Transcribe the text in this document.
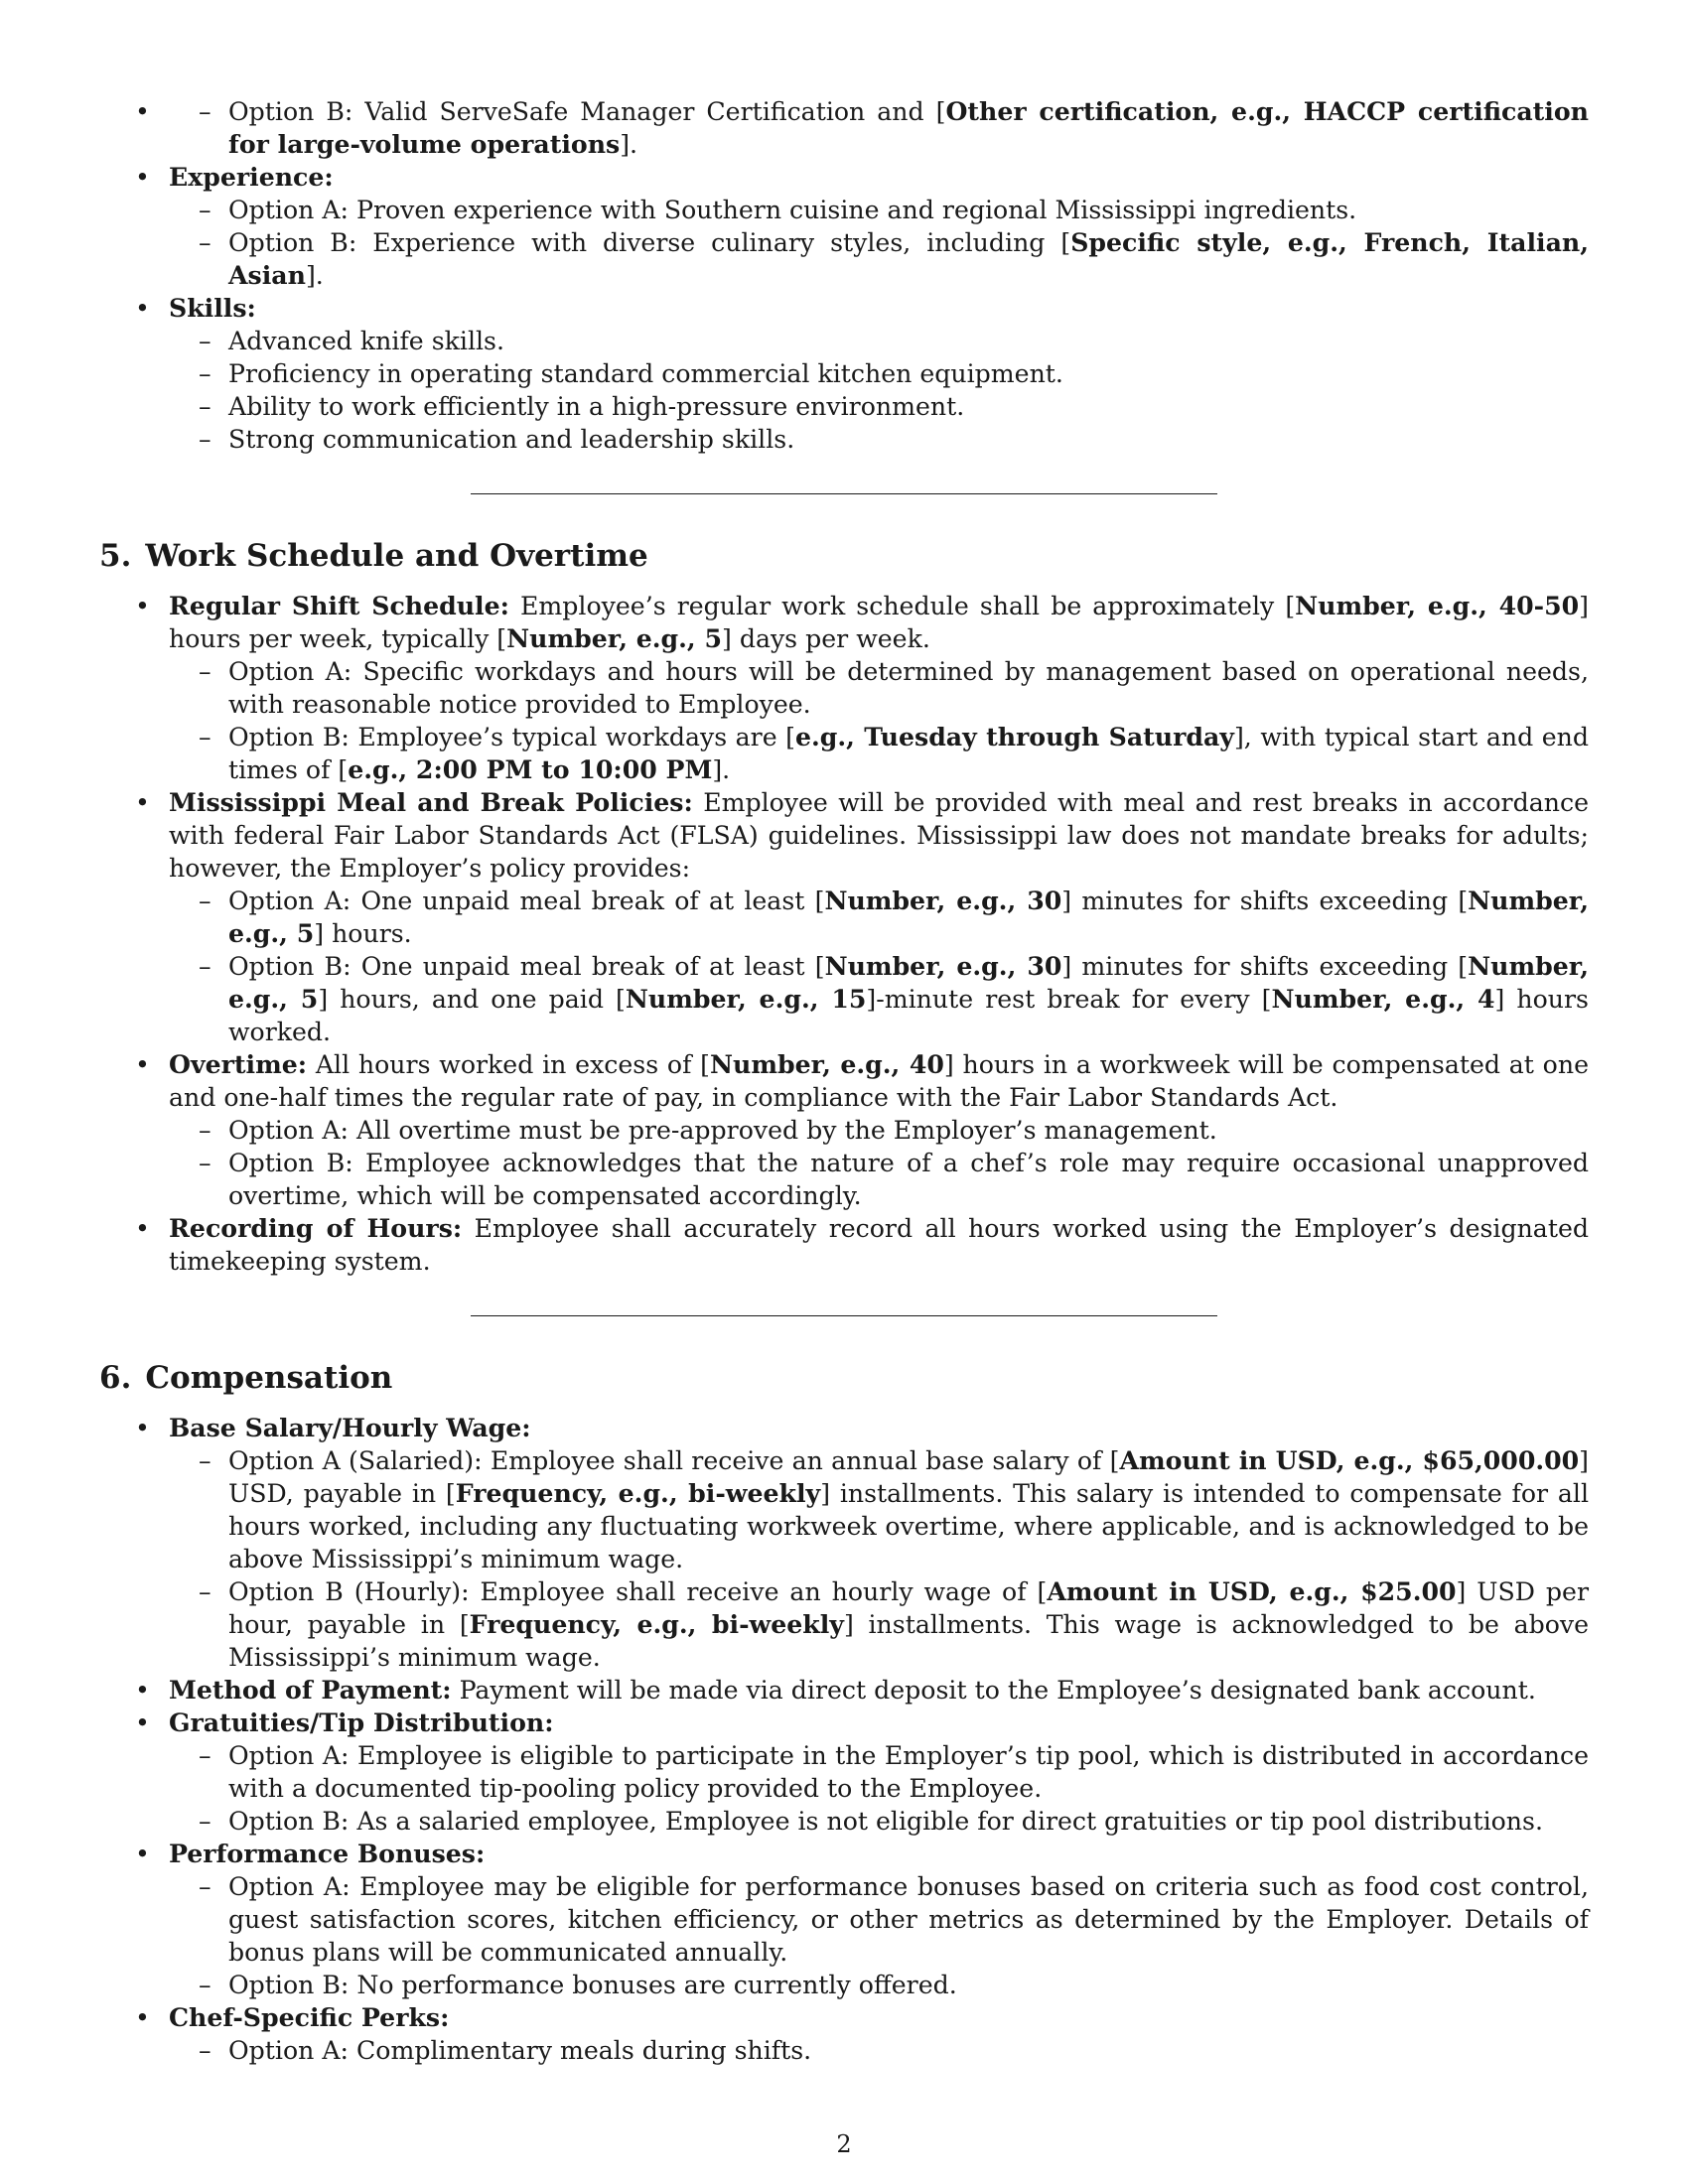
– • Option B: Valid ServeSafe Manager Certification and [Other certification, e.g., HACCP certification for large-volume operations].
• Experience:
– Option A: Proven experience with Southern cuisine and regional Mississippi ingredients.
– Option B: Experience with diverse culinary styles, including [Specific style, e.g., French, Italian, Asian].
• Skills:
– Advanced knife skills.
– Proficiency in operating standard commercial kitchen equipment.
– Ability to work efficiently in a high-pressure environment.
– Strong communication and leadership skills.
5. Work Schedule and Overtime
• Regular Shift Schedule: Employee’s regular work schedule shall be approximately [Number, e.g., 40-50] hours per week, typically [Number, e.g., 5] days per week.
– Option A: Specific workdays and hours will be determined by management based on operational needs, with reasonable notice provided to Employee.
– Option B: Employee’s typical workdays are [e.g., Tuesday through Saturday], with typical start and end times of [e.g., 2:00 PM to 10:00 PM].
• Mississippi Meal and Break Policies: Employee will be provided with meal and rest breaks in accordance with federal Fair Labor Standards Act (FLSA) guidelines. Mississippi law does not mandate breaks for adults; however, the Employer’s policy provides:
– Option A: One unpaid meal break of at least [Number, e.g., 30] minutes for shifts exceeding [Number, e.g., 5] hours.
– Option B: One unpaid meal break of at least [Number, e.g., 30] minutes for shifts exceeding [Number, e.g., 5] hours, and one paid [Number, e.g., 15]-minute rest break for every [Number, e.g., 4] hours worked.
• Overtime: All hours worked in excess of [Number, e.g., 40] hours in a workweek will be compensated at one and one-half times the regular rate of pay, in compliance with the Fair Labor Standards Act.
– Option A: All overtime must be pre-approved by the Employer’s management.
– Option B: Employee acknowledges that the nature of a chef’s role may require occasional unapproved overtime, which will be compensated accordingly.
• Recording of Hours: Employee shall accurately record all hours worked using the Employer’s designated timekeeping system.
6. Compensation
• Base Salary/Hourly Wage:
– Option A (Salaried): Employee shall receive an annual base salary of [Amount in USD, e.g., $65,000.00] USD, payable in [Frequency, e.g., bi-weekly] installments. This salary is intended to compensate for all hours worked, including any fluctuating workweek overtime, where applicable, and is acknowledged to be above Mississippi’s minimum wage.
– Option B (Hourly): Employee shall receive an hourly wage of [Amount in USD, e.g., $25.00] USD per hour, payable in [Frequency, e.g., bi-weekly] installments. This wage is acknowledged to be above Mississippi’s minimum wage.
• Method of Payment: Payment will be made via direct deposit to the Employee’s designated bank account.
• Gratuities/Tip Distribution:
– Option A: Employee is eligible to participate in the Employer’s tip pool, which is distributed in accordance with a documented tip-pooling policy provided to the Employee.
– Option B: As a salaried employee, Employee is not eligible for direct gratuities or tip pool distributions.
• Performance Bonuses:
– Option A: Employee may be eligible for performance bonuses based on criteria such as food cost control, guest satisfaction scores, kitchen efficiency, or other metrics as determined by the Employer. Details of bonus plans will be communicated annually.
– Option B: No performance bonuses are currently offered.
• Chef-Specific Perks:
– Option A: Complimentary meals during shifts.
2
